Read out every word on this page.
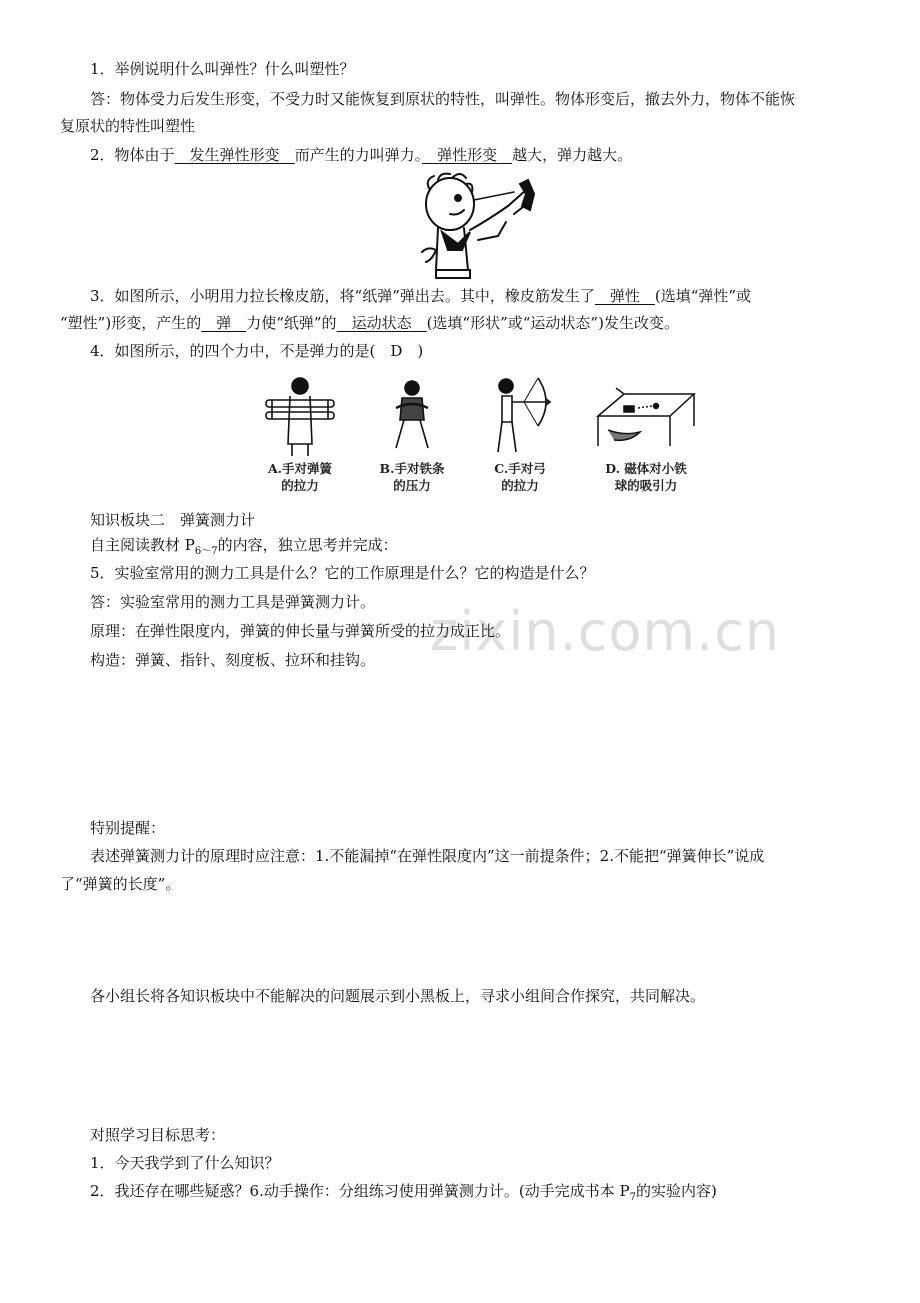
1．举例说明什么叫弹性？什么叫塑性？
答：物体受力后发生形变，不受力时又能恢复到原状的特性，叫弹性。物体形变后，撤去外力，物体不能恢
复原状的特性叫塑性
2．物体由于　发生弹性形变　而产生的力叫弹力。　弹性形变　越大，弹力越大。
3．如图所示，小明用力拉长橡皮筋，将“纸弹”弹出去。其中，橡皮筋发生了　弹性　(选填“弹性”或
“塑性”)形变，产生的　弹　力使“纸弹”的　运动状态　(选填“形状”或“运动状态”)发生改变。
4．如图所示，的四个力中，不是弹力的是(　D　)
A.手对弹簧
的拉力
B.手对铁条
的压力
C.手对弓
的拉力
D. 磁体对小铁
球的吸引力
知识板块二　弹簧测力计
自主阅读教材 $P_{6\sim 7}$的内容，独立思考并完成：
5．实验室常用的测力工具是什么？它的工作原理是什么？它的构造是什么？
答：实验室常用的测力工具是弹簧测力计。
原理：在弹性限度内，弹簧的伸长量与弹簧所受的拉力成正比。
构造：弹簧、指针、刻度板、拉环和挂钩。	zixin.com.cn
特别提醒：
表述弹簧测力计的原理时应注意：1.不能漏掉“在弹性限度内”这一前提条件；2.不能把“弹簧伸长”说成
了“弹簧的长度”。
各小组长将各知识板块中不能解决的问题展示到小黑板上，寻求小组间合作探究，共同解决。
对照学习目标思考：
1．今天我学到了什么知识？
2．我还存在哪些疑惑？6.动手操作：分组练习使用弹簧测力计。(动手完成书本 $P_7$的实验内容)
